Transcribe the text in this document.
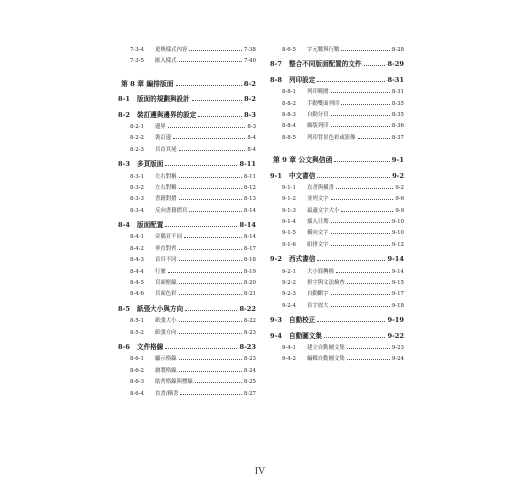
7-3-4	更換樣式內容	7-38
7-3-5	匯入樣式	7-40
第 8 章 編排版面	8-2
8-1	版面的規劃與設計	8-2
8-2	裝訂邊與邊界的設定	8-3
8-2-1	邊界	8-3
8-2-2	裝訂邊	8-4
8-2-3	頁首頁尾	8-4
8-3	多頁版面	8-11
8-3-1	左右對稱	8-11
8-3-2	左右對稱	8-12
8-3-3	書籍對摺	8-13
8-3-4	反向書籍摺頁	8-14
8-4	版面配置	8-14
8-4-1	奇偶頁不同	8-14
8-4-2	垂直對齊	8-17
8-4-3	首頁不同	8-18
8-4-4	行號	8-19
8-4-5	頁面框線	8-20
8-4-6	頁面色彩	8-21
8-5	紙張大小與方向	8-22
8-5-1	紙張大小	8-22
8-5-2	紙張方向	8-23
8-6	文件格線	8-23
8-6-1	顯示格線	8-23
8-6-2	繪製格線	8-24
8-6-3	貼齊格線與標線	8-25
8-6-4	直書/橫書	8-27
8-6-5	字元數與行數	8-28
8-7	整合不同版面配置的文件	8-29
8-8	列印設定	8-31
8-8-1	列印範圍	8-31
8-8-2	手動雙面列印	8-35
8-8-3	自動分頁	8-35
8-8-4	縮版列印	8-36
8-8-5	列印背景色彩或影像	8-37
第 9 章 公文與信函	9-1
9-1	中文書信	9-2
9-1-1	直書與橫書	9-2
9-1-2	並列文字	9-6
9-1-3	最適文字大小	9-9
9-1-4	插入日期	9-10
9-1-5	橫向文字	9-10
9-1-6	組排文字	9-12
9-2	西式書信	9-14
9-2-1	大小寫轉換	9-14
9-2-2	拼字與文法檢查	9-15
9-2-3	自動斷字	9-17
9-2-4	首字放大	9-18
9-3	自動校正	9-19
9-4	自動圖文集	9-22
9-4-1	建立自動圖文集	9-23
9-4-2	編輯自動圖文集	9-24
IV
